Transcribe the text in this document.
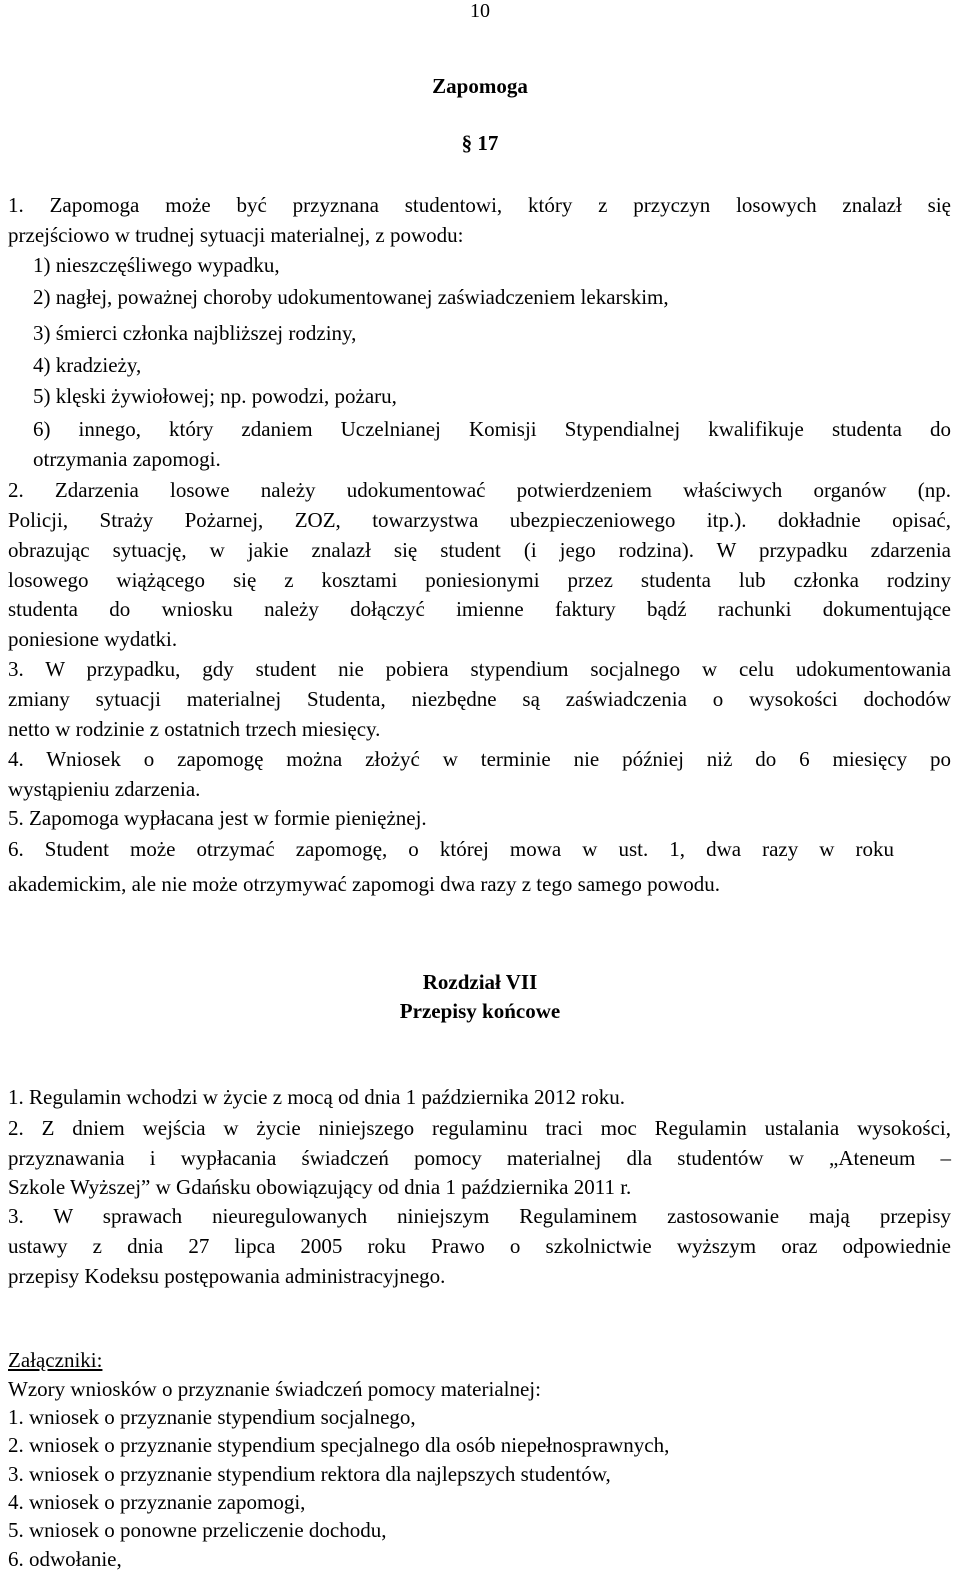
10
Zapomoga
§ 17
1. Zapomoga może być przyznana studentowi, który z przyczyn losowych znalazł się
przejściowo w trudnej sytuacji materialnej, z powodu:
1) nieszczęśliwego wypadku,
2) nagłej, poważnej choroby udokumentowanej zaświadczeniem lekarskim,
3) śmierci członka najbliższej rodziny,
4) kradzieży,
5) klęski żywiołowej; np. powodzi, pożaru,
6) innego, który zdaniem Uczelnianej Komisji Stypendialnej kwalifikuje studenta do
otrzymania zapomogi.
2. Zdarzenia losowe należy udokumentować potwierdzeniem właściwych organów (np.
Policji, Straży Pożarnej, ZOZ, towarzystwa ubezpieczeniowego itp.). dokładnie opisać,
obrazując sytuację, w jakie znalazł się student (i jego rodzina). W przypadku zdarzenia
losowego wiążącego się z kosztami poniesionymi przez studenta lub członka rodziny
studenta do wniosku należy dołączyć imienne faktury bądź rachunki dokumentujące
poniesione wydatki.
3. W przypadku, gdy student nie pobiera stypendium socjalnego w celu udokumentowania
zmiany sytuacji materialnej Studenta, niezbędne są zaświadczenia o wysokości dochodów
netto w rodzinie z ostatnich trzech miesięcy.
4. Wniosek o zapomogę można złożyć w terminie nie później niż do 6 miesięcy po
wystąpieniu zdarzenia.
5. Zapomoga wypłacana jest w formie pieniężnej.
6. Student może otrzymać zapomogę, o której mowa w ust. 1, dwa razy w roku
akademickim, ale nie może otrzymywać zapomogi dwa razy z tego samego powodu.
Rozdział VII
Przepisy końcowe
1. Regulamin wchodzi w życie z mocą od dnia 1 października 2012 roku.
2. Z dniem wejścia w życie niniejszego regulaminu traci moc Regulamin ustalania wysokości,
przyznawania i wypłacania świadczeń pomocy materialnej dla studentów w „Ateneum –
Szkole Wyższej” w Gdańsku obowiązujący od dnia 1 października 2011 r.
3. W sprawach nieuregulowanych niniejszym Regulaminem zastosowanie mają przepisy
ustawy z dnia 27 lipca 2005 roku Prawo o szkolnictwie wyższym oraz odpowiednie
przepisy Kodeksu postępowania administracyjnego.
Załączniki:
Wzory wniosków o przyznanie świadczeń pomocy materialnej:
1. wniosek o przyznanie stypendium socjalnego,
2. wniosek o przyznanie stypendium specjalnego dla osób niepełnosprawnych,
3. wniosek o przyznanie stypendium rektora dla najlepszych studentów,
4. wniosek o przyznanie zapomogi,
5. wniosek o ponowne przeliczenie dochodu,
6. odwołanie,
